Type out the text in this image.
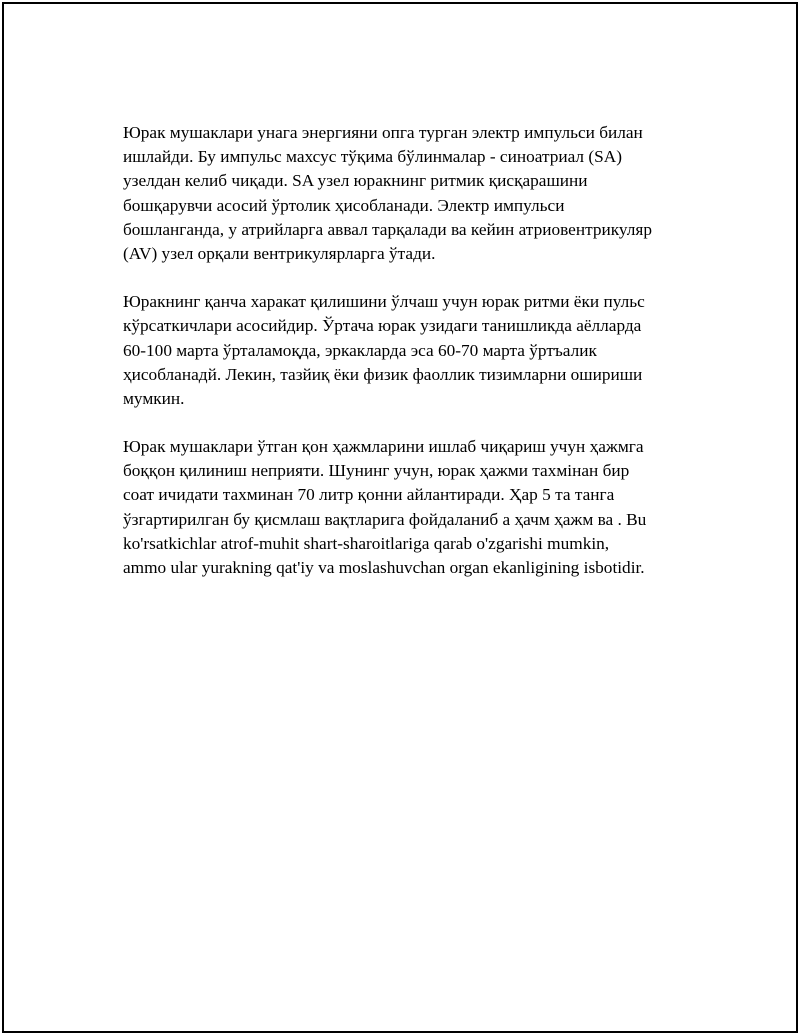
Юрак мушаклари унага энергияни опга турган электр импульси билан
ишлайди. Бу импульс махсус тўқима бўлинмалар - синоатриал (SA)
узелдан келиб чиқади. SA узел юракнинг ритмик қисқарашини
бошқарувчи асосий ўртолик ҳисобланади. Электр импульси
бошланганда, у атрийларга аввал тарқалади ва кейин атриовентрикуляр
(AV) узел орқали вентрикулярларга ўтади.

Юракнинг қанча харакат қилишини ўлчаш учун юрак ритми ёки пульс
кўрсаткичлари асосийдир. Ўртача юрак узидаги танишликда аёлларда
60-100 марта ўрталамоқда, эркакларда эса 60-70 марта ўртъалик
ҳисобланадй. Лекин, тазйиқ ёки физик фаоллик тизимларни ошириши
мумкин.

Юрак мушаклари ўтган қон ҳажмларини ишлаб чиқариш учун ҳажмга
боққон қилиниш неприяти. Шунинг учун, юрак ҳажми тахмінан бир
соат ичидати тахминан 70 литр қонни айлантиради. Ҳар 5 та танга
ўзгартирилган бу қисмлаш вақтларига фойдаланиб а ҳачм ҳажм ва . Bu
ko'rsatkichlar atrof-muhit shart-sharoitlariga qarab o'zgarishi mumkin,
ammo ular yurakning qat'iy va moslashuvchan organ ekanligining isbotidir.
